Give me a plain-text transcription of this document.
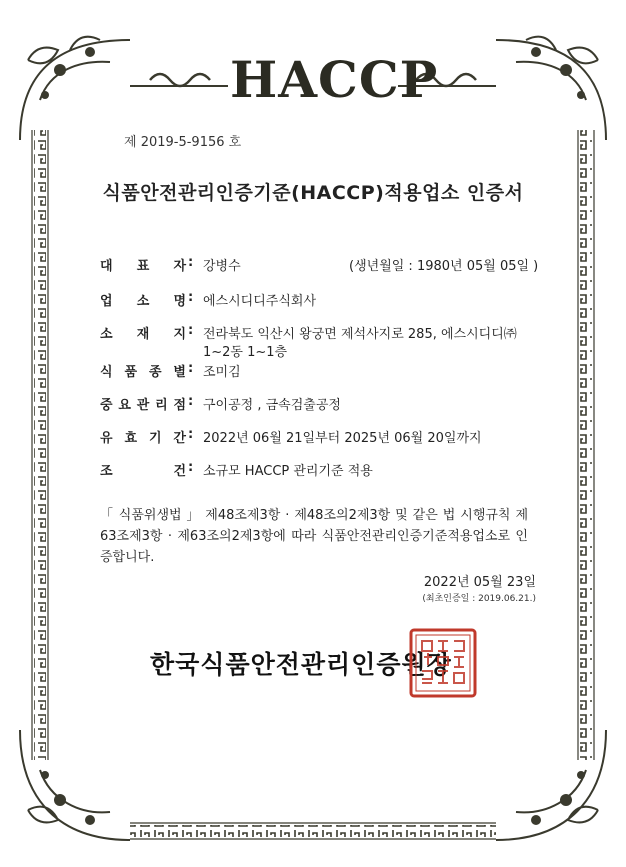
HACCP
제 2019-5-9156 호
식품안전관리인증기준(HACCP)적용업소 인증서
대 표 자 : 강병수	(생년월일 : 1980년 05월 05일 )
업 소 명 : 에스시디디주식회사
소 재 지 : 전라북도 익산시 왕궁면 제석사지로 285, 에스시디디㈜
1~2동 1~1층
식 품 종 별 : 조미김
중 요 관 리 점 : 구이공정 , 금속검출공정
유 효 기 간 : 2022년 06월 21일부터 2025년 06월 20일까지
조	건 : 소규모 HACCP 관리기준 적용
「 식품위생법 」 제48조제3항 · 제48조의2제3항 및 같은 법 시행규칙 제63조제3항 · 제63조의2제3항에 따라 식품안전관리인증기준적용업소로 인증합니다.
2022년 05월 23일
(최초인증일 : 2019.06.21.)
한국식품안전관리인증원장
